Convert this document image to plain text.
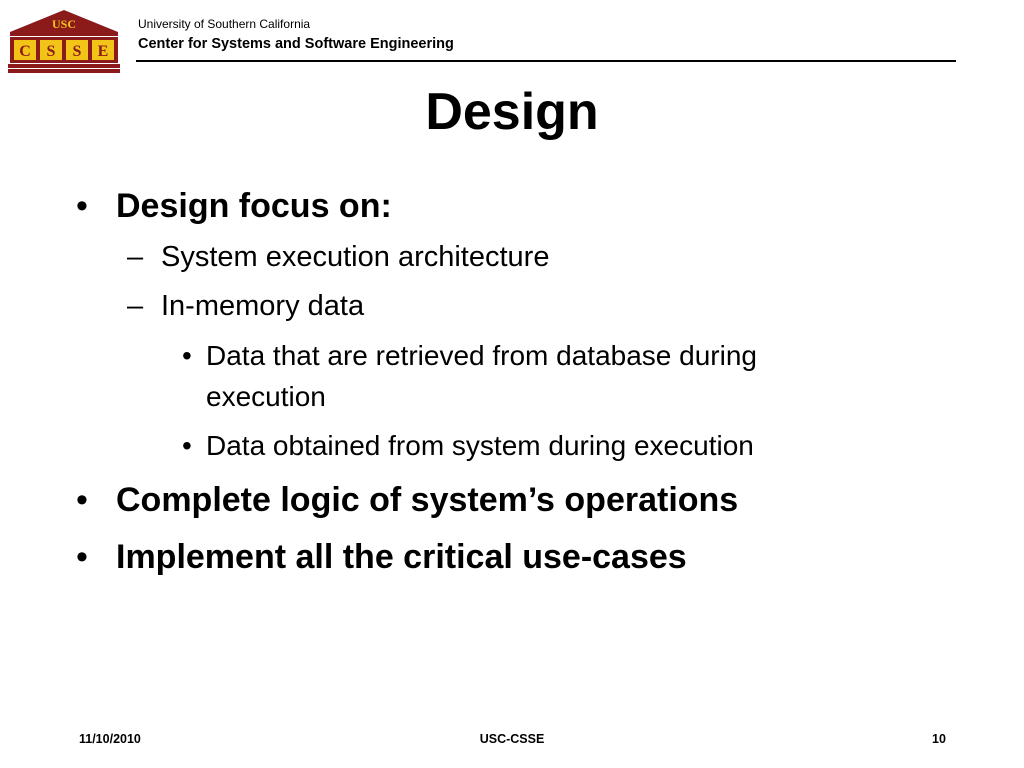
USC
C S S E
University of Southern California
Center for Systems and Software Engineering
Design
• Design focus on:
– System execution architecture
– In-memory data
• Data that are retrieved from database during
execution
• Data obtained from system during execution
• Complete logic of system’s operations
• Implement all the critical use-cases
11/10/2010	USC-CSSE	10
